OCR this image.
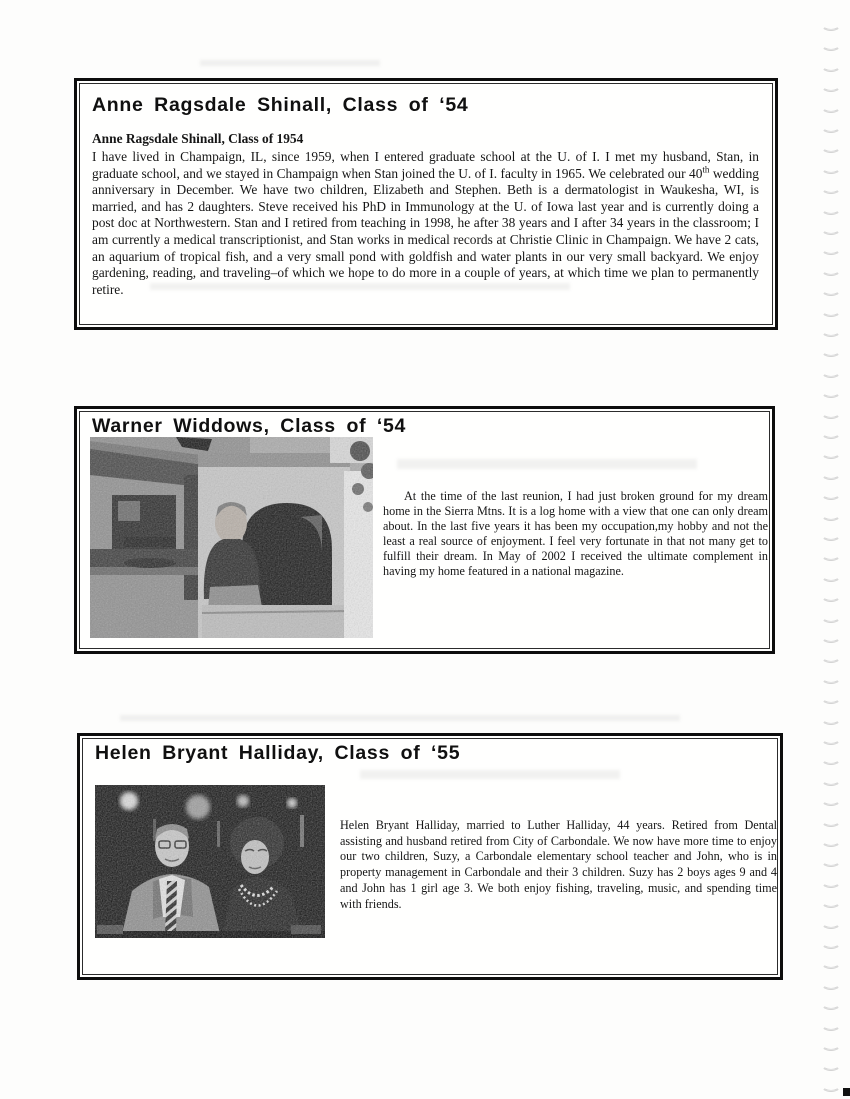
Anne Ragsdale Shinall, Class of ‘54

Anne Ragsdale Shinall, Class of 1954

I have lived in Champaign, IL, since 1959, when I entered graduate school at the U. of I. I met my husband, Stan, in graduate school, and we stayed in Champaign when Stan joined the U. of I. faculty in 1965. We celebrated our 40th wedding anniversary in December. We have two children, Elizabeth and Stephen. Beth is a dermatologist in Waukesha, WI, is married, and has 2 daughters. Steve received his PhD in Immunology at the U. of Iowa last year and is currently doing a post doc at Northwestern. Stan and I retired from teaching in 1998, he after 38 years and I after 34 years in the classroom; I am currently a medical transcriptionist, and Stan works in medical records at Christie Clinic in Champaign. We have 2 cats, an aquarium of tropical fish, and a very small pond with goldfish and water plants in our very small backyard. We enjoy gardening, reading, and traveling–of which we hope to do more in a couple of years, at which time we plan to permanently retire.

Warner Widdows, Class of ‘54

At the time of the last reunion, I had just broken ground for my dream home in the Sierra Mtns. It is a log home with a view that one can only dream about. In the last five years it has been my occupation,my hobby and not the least a real source of enjoyment. I feel very fortunate in that not many get to fulfill their dream. In May of 2002 I received the ultimate complement in having my home featured in a national magazine.

Helen Bryant Halliday, Class of ‘55

Helen Bryant Halliday, married to Luther Halliday, 44 years. Retired from Dental assisting and husband retired from City of Carbondale. We now have more time to enjoy our two children, Suzy, a Carbondale elementary school teacher and John, who is in property management in Carbondale and their 3 children. Suzy has 2 boys ages 9 and 4 and John has 1 girl age 3. We both enjoy fishing, traveling, music, and spending time with friends.
